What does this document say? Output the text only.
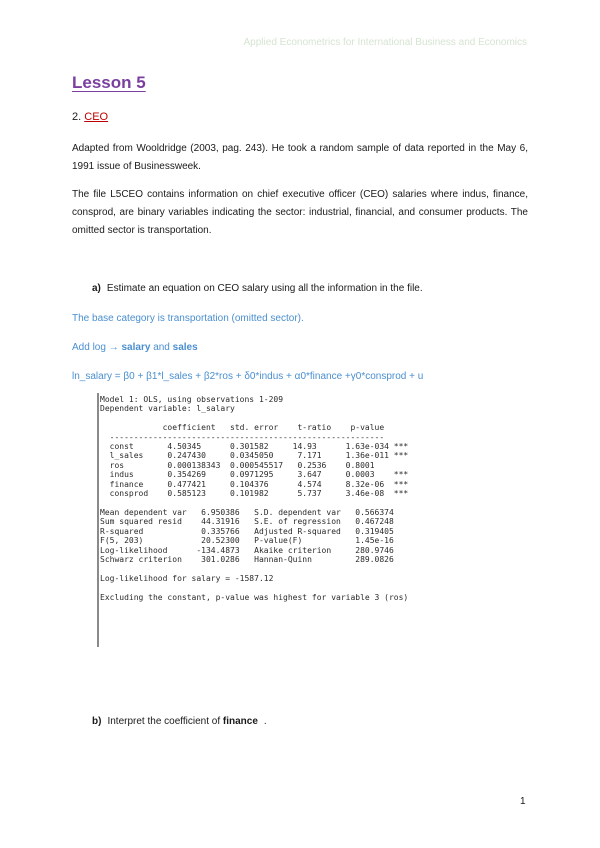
Applied Econometrics for International Business and Economics
Lesson 5
2. CEO
Adapted from Wooldridge (2003, pag. 243). He took a random sample of data reported in the May 6, 1991 issue of Businessweek.
The file L5CEO contains information on chief executive officer (CEO) salaries where indus, finance, consprod, are binary variables indicating the sector: industrial, financial, and consumer products. The omitted sector is transportation.
a) Estimate an equation on CEO salary using all the information in the file.
The base category is transportation (omitted sector).
Add log → salary and sales
ln_salary = β0 + β1*l_sales + β2*ros + δ0*indus + α0*finance +γ0*consprod + u
Model 1: OLS, using observations 1-209
Dependent variable: l_salary

coefficient   std. error    t-ratio    p-value
---------------------------------------------------------
const       4.50345      0.301582     14.93      1.63e-034 ***
l_sales     0.247430     0.0345050     7.171     1.36e-011 ***
ros         0.000138343  0.000545517   0.2536    0.8001
indus       0.354269     0.0971295     3.647     0.0003    ***
finance     0.477421     0.104376      4.574     8.32e-06  ***
consprod    0.585123     0.101982      5.737     3.46e-08  ***

Mean dependent var   6.950386   S.D. dependent var   0.566374
Sum squared resid    44.31916   S.E. of regression   0.467248
R-squared            0.335766   Adjusted R-squared   0.319405
F(5, 203)            20.52300   P-value(F)           1.45e-16
Log-likelihood      -134.4873   Akaike criterion     280.9746
Schwarz criterion    301.0286   Hannan-Quinn         289.0826

Log-likelihood for salary = -1587.12

Excluding the constant, p-value was highest for variable 3 (ros)
b) Interpret the coefficient of finance .
1
